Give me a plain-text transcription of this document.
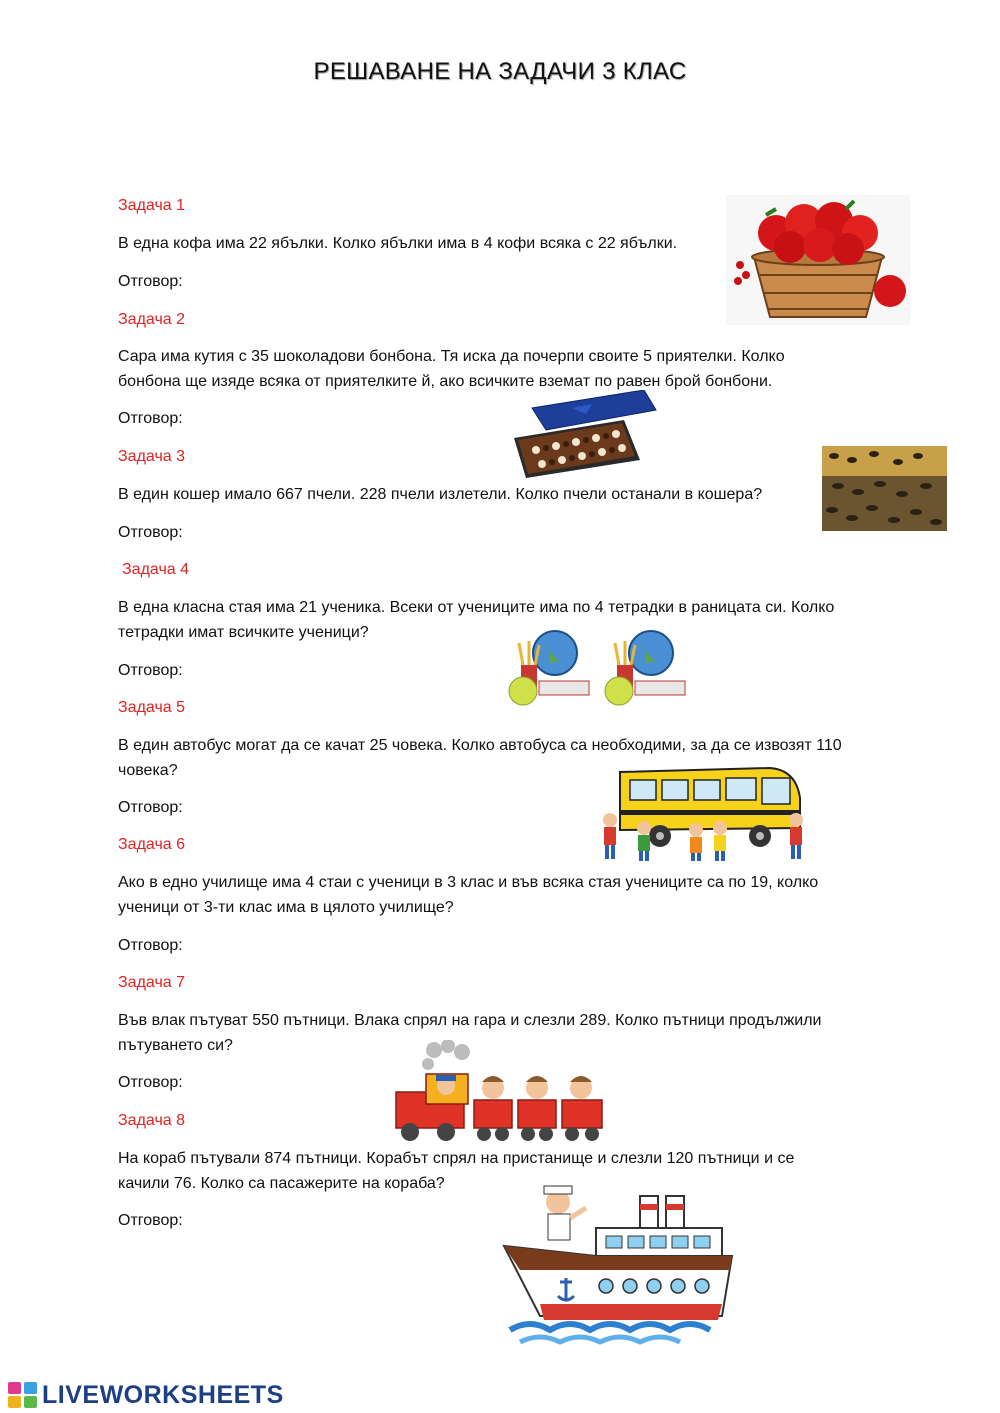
РЕШАВАНЕ НА ЗАДАЧИ 3 КЛАС
Задача 1
В една кофа има 22 ябълки. Колко ябълки има в 4 кофи всяка с 22 ябълки.
Отговор:
Задача 2
Сара има кутия с 35 шоколадови бонбона. Тя иска да почерпи своите 5 приятелки. Колко бонбона ще изяде всяка от приятелките й, ако всичките вземат по равен брой бонбони.
Отговор:
Задача 3
В един кошер имало 667 пчели. 228 пчели излетели. Колко пчели останали в кошера?
Отговор:
Задача 4
В една класна стая има 21 ученика. Всеки от учениците има по 4 тетрадки в раницата си. Колко тетрадки имат всичките ученици?
Отговор:
Задача 5
В един автобус могат да се качат 25 човека. Колко автобуса са необходими, за да се извозят 110 човека?
Отговор:
Задача 6
Ако в едно училище има 4 стаи с ученици в 3 клас и във всяка стая учениците са по 19, колко ученици от 3-ти клас има в цялото училище?
Отговор:
Задача 7
Във влак пътуват 550 пътници. Влака спрял на гара и слезли 289. Колко пътници продължили пътуването си?
Отговор:
Задача 8
На кораб пътували 874 пътници. Корабът спрял на пристанище и слезли 120 пътници и се качили 76. Колко са пасажерите на кораба?
Отговор:
LIVEWORKSHEETS
